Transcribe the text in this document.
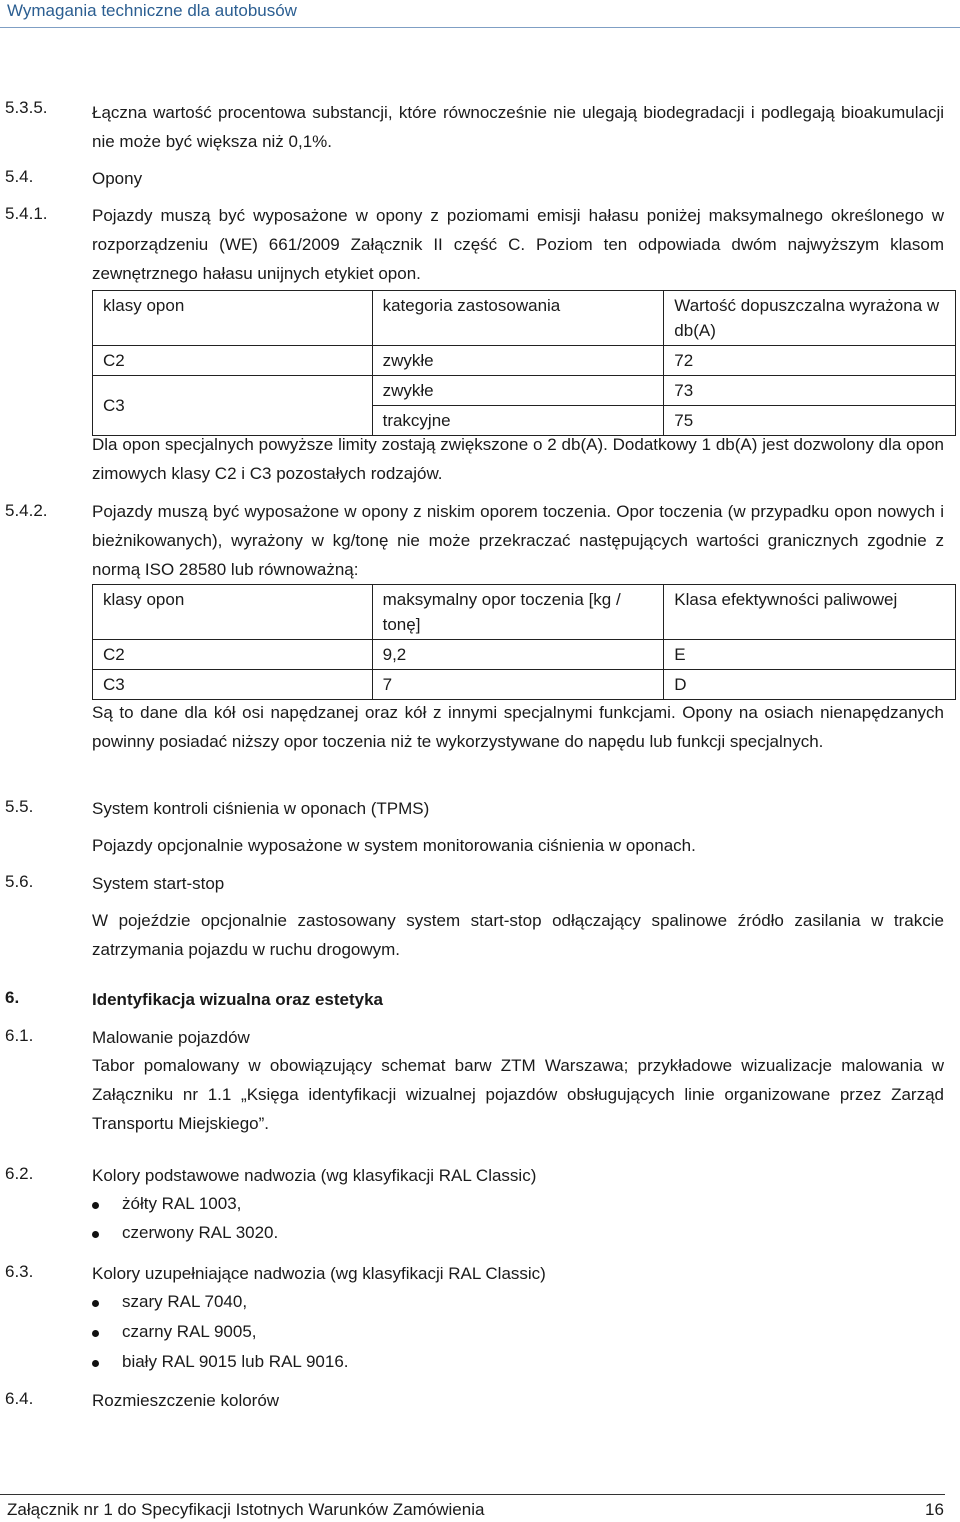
Wymagania techniczne dla autobusów
5.3.5.	Łączna wartość procentowa substancji, które równocześnie nie ulegają biodegradacji i podlegają bioakumulacji nie może być większa niż 0,1%.
5.4.	Opony
5.4.1.	Pojazdy muszą być wyposażone w opony z poziomami emisji hałasu poniżej maksymalnego określonego w rozporządzeniu (WE) 661/2009 Załącznik II część C. Poziom ten odpowiada dwóm najwyższym klasom zewnętrznego hałasu unijnych etykiet opon.
klasy opon	kategoria zastosowania	Wartość dopuszczalna wyrażona w db(A)
C2	zwykłe	72
C3	zwykłe	73
	trakcyjne	75
Dla opon specjalnych powyższe limity zostają zwiększone o 2 db(A). Dodatkowy 1 db(A) jest dozwolony dla opon zimowych klasy C2 i C3 pozostałych rodzajów.
5.4.2.	Pojazdy muszą być wyposażone w opony z niskim oporem toczenia. Opor toczenia (w przypadku opon nowych i bieżnikowanych), wyrażony w kg/tonę nie może przekraczać następujących wartości granicznych zgodnie z normą ISO 28580 lub równoważną:
klasy opon	maksymalny opor toczenia [kg / tonę]	Klasa efektywności paliwowej
C2	9,2	E
C3	7	D
Są to dane dla kół osi napędzanej oraz kół z innymi specjalnymi funkcjami. Opony na osiach nienapędzanych powinny posiadać niższy opor toczenia niż te wykorzystywane do napędu lub funkcji specjalnych.
5.5.	System kontroli ciśnienia w oponach (TPMS)
Pojazdy opcjonalnie wyposażone w system monitorowania ciśnienia w oponach.
5.6.	System start-stop
W pojeździe opcjonalnie zastosowany system start-stop odłączający spalinowe źródło zasilania w trakcie zatrzymania pojazdu w ruchu drogowym.
6.	Identyfikacja wizualna oraz estetyka
6.1.	Malowanie pojazdów
Tabor pomalowany w obowiązujący schemat barw ZTM Warszawa; przykładowe wizualizacje malowania w Załączniku nr 1.1 „Księga identyfikacji wizualnej pojazdów obsługujących linie organizowane przez Zarząd Transportu Miejskiego”.
6.2.	Kolory podstawowe nadwozia (wg klasyfikacji RAL Classic)
żółty RAL 1003,
czerwony RAL 3020.
6.3.	Kolory uzupełniające nadwozia (wg klasyfikacji RAL Classic)
szary RAL 7040,
czarny RAL 9005,
biały RAL 9015 lub RAL 9016.
6.4.	Rozmieszczenie kolorów
Załącznik nr 1 do Specyfikacji Istotnych Warunków Zamówienia	16
